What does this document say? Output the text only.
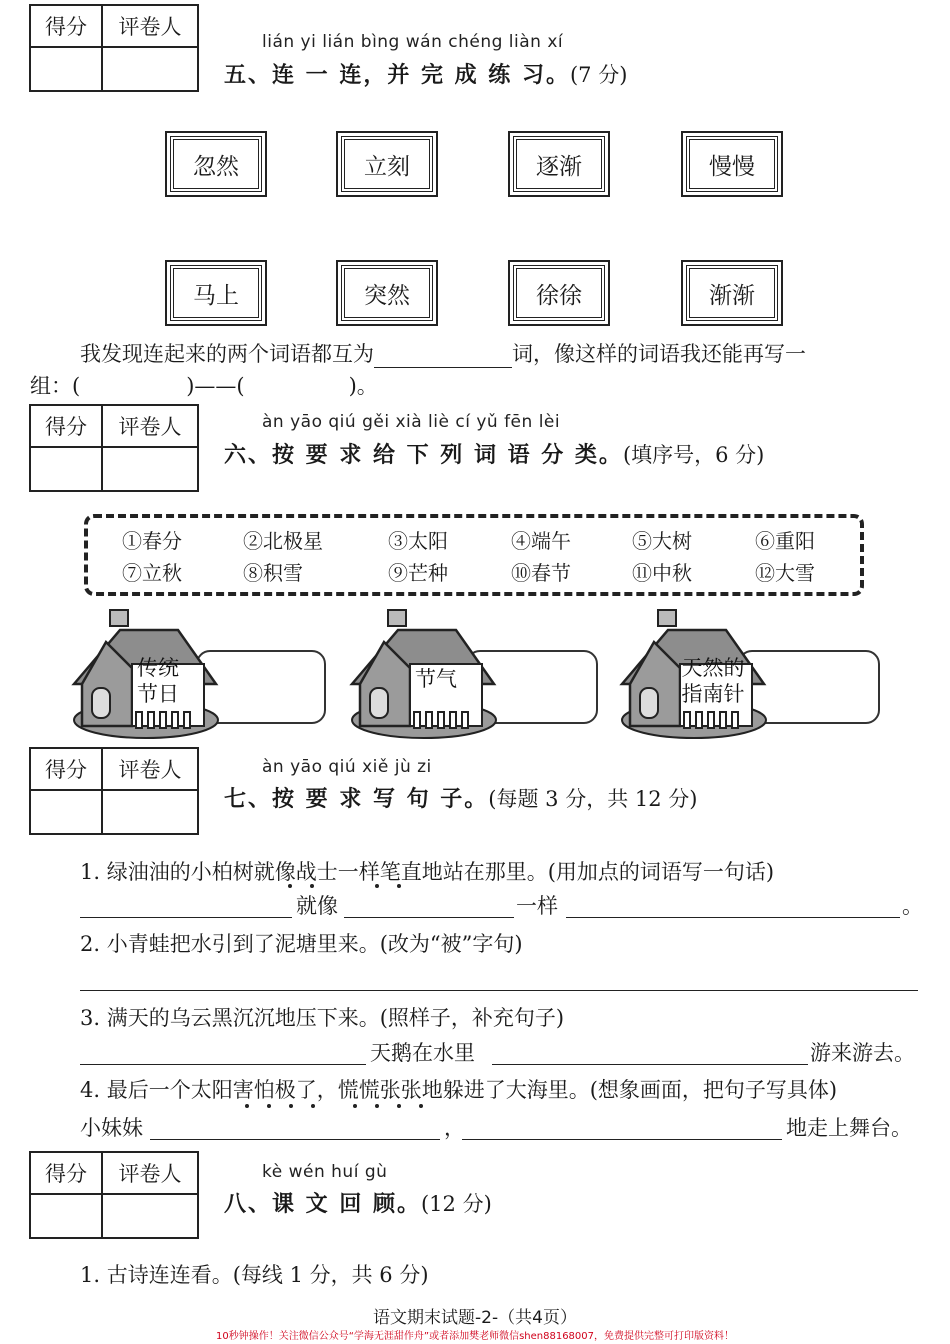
得分	评卷人
lián yi lián bìng wán chéng liàn xí
五、连 一 连，并 完 成 练 习。(7 分)
忽然	立刻	逐渐	慢慢
马上	突然	徐徐	渐渐
我发现连起来的两个词语都互为	词，像这样的词语我还能再写一
组：(	)——(	)。
得分	评卷人	àn yāo qiú gěi xià liè cí yǔ fēn lèi
六、按 要 求 给 下 列 词 语 分 类。(填序号，6 分)
①春分	②北极星	③太阳	④端午	⑤大树	⑥重阳
⑦立秋	⑧积雪	⑨芒种	⑩春节	⑪中秋	⑫大雪
传统
节日
节气	天然的
指南针
得分	评卷人	àn yāo qiú xiě jù zi
七、按 要 求 写 句 子。(每题 3 分，共 12 分)
1. 绿油油的小柏树就像战士一样笔直地站在那里。(用加点的词语写一句话)
就像	一样	。
2. 小青蛙把水引到了泥塘里来。(改为“被”字句)
3. 满天的乌云黑沉沉地压下来。(照样子，补充句子)
天鹅在水里	游来游去。
4. 最后一个太阳害怕极了，慌慌张张地躲进了大海里。(想象画面，把句子写具体)
小妹妹	，	地走上舞台。
得分	评卷人	kè wén huí gù
八、课 文 回 顾。(12 分)
1. 古诗连连看。(每线 1 分，共 6 分)
语文期末试题-2-（共4页）
10秒钟操作！关注微信公众号“学海无涯甜作舟”或者添加樊老师微信shen88168007，免费提供完整可打印版资料！
